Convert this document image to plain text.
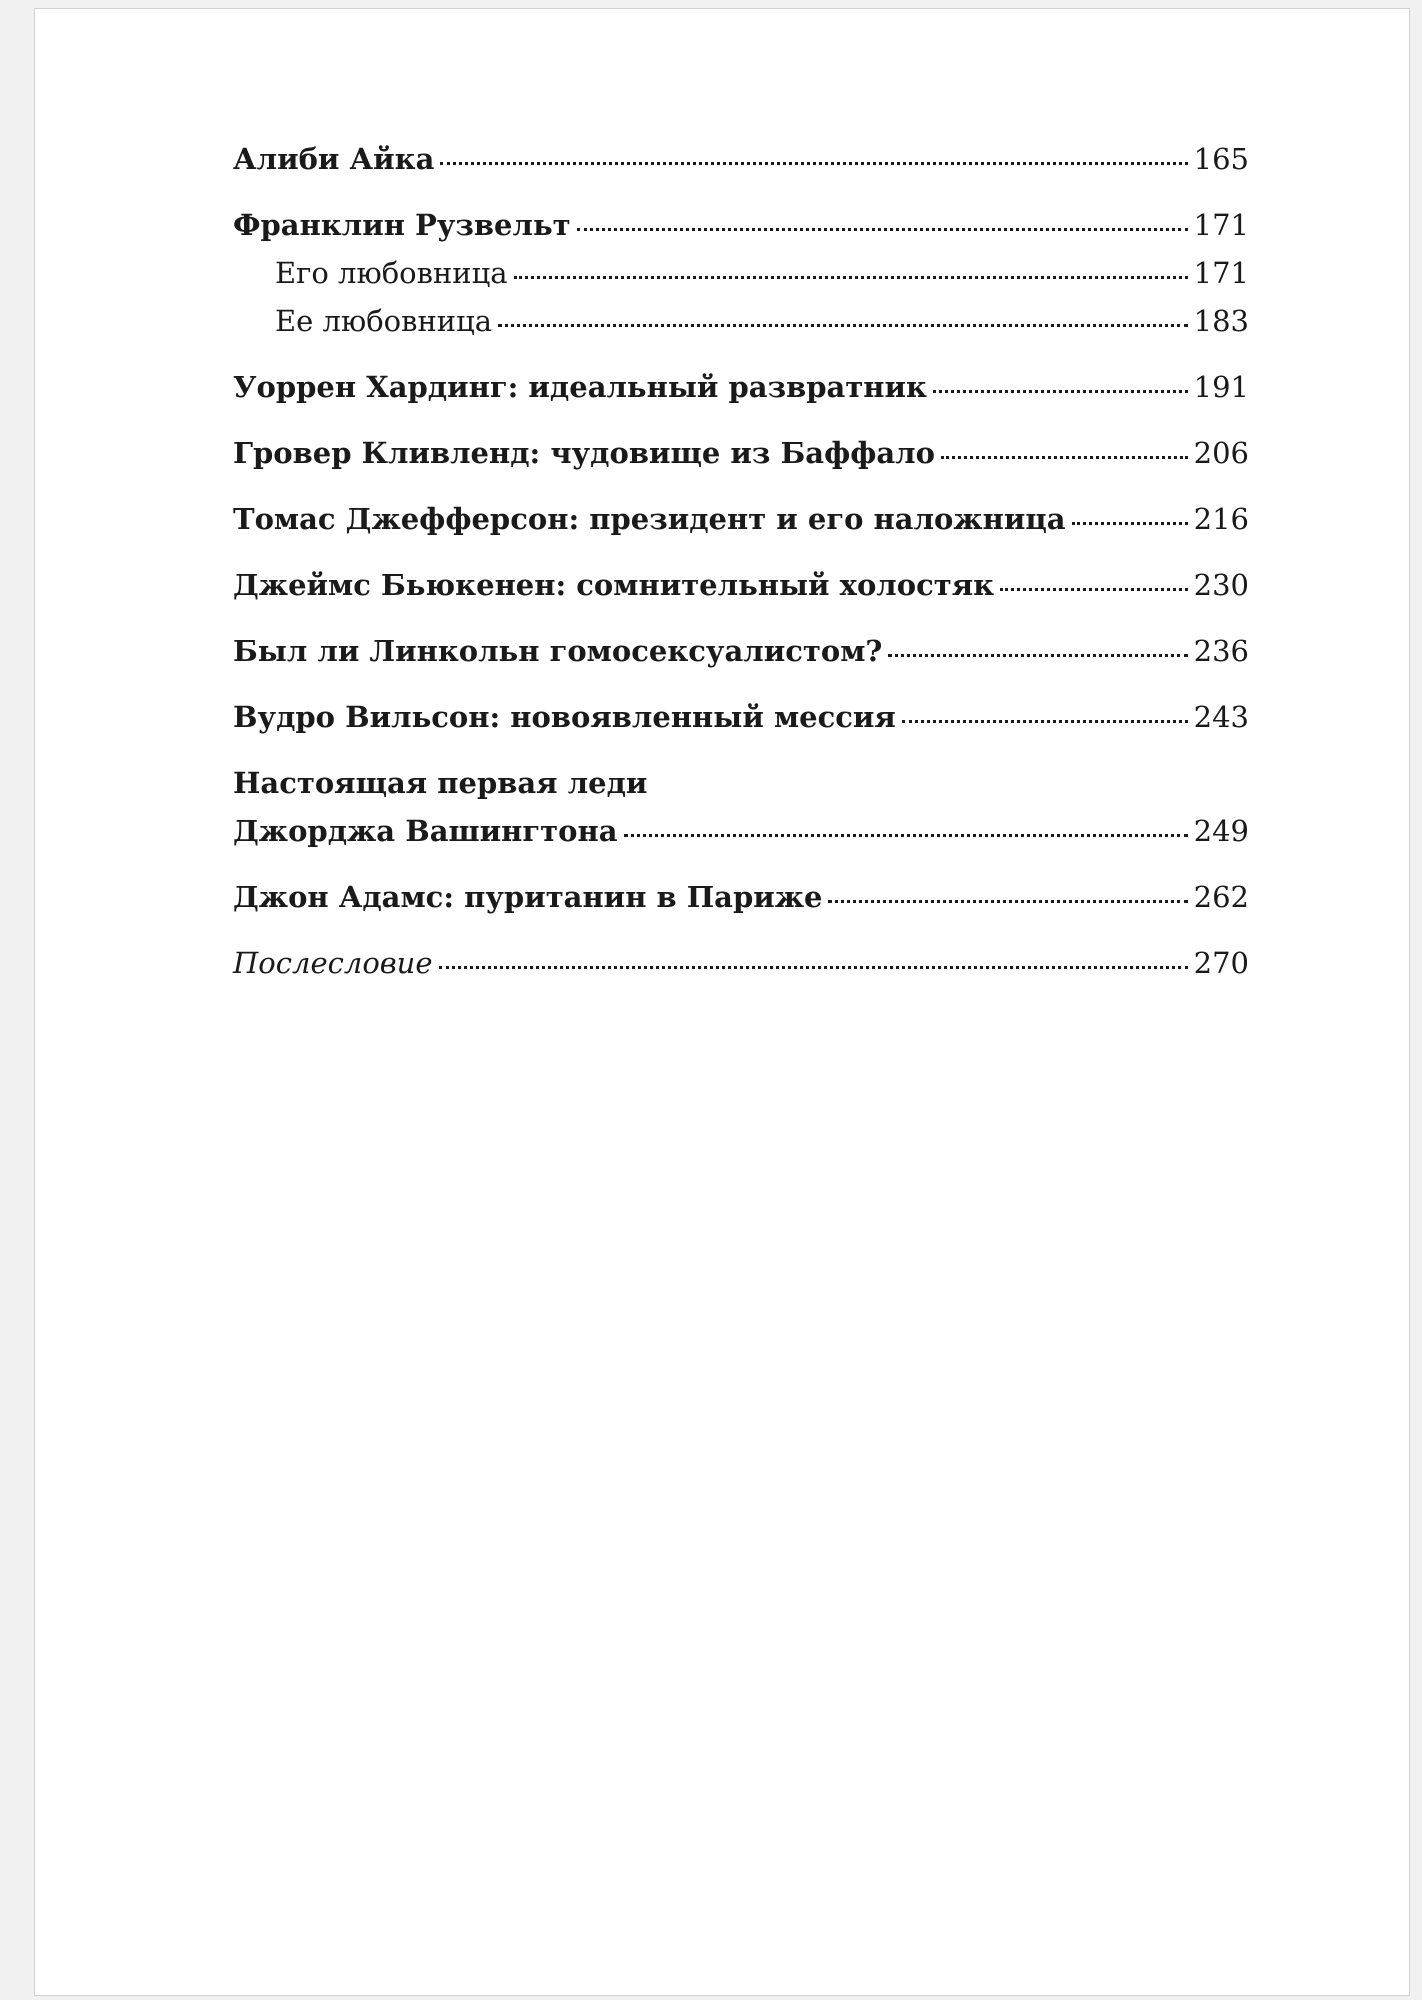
Алиби Айка	165
Франклин Рузвельт	171
Его любовница	171
Ее любовница	183
Уоррен Хардинг: идеальный развратник	191
Гровер Кливленд: чудовище из Баффало	206
Томас Джефферсон: президент и его наложница	216
Джеймс Бьюкенен: сомнительный холостяк	230
Был ли Линкольн гомосексуалистом?	236
Вудро Вильсон: новоявленный мессия	243
Настоящая первая леди
Джорджа Вашингтона	249
Джон Адамс: пуританин в Париже	262
Послесловие	270
